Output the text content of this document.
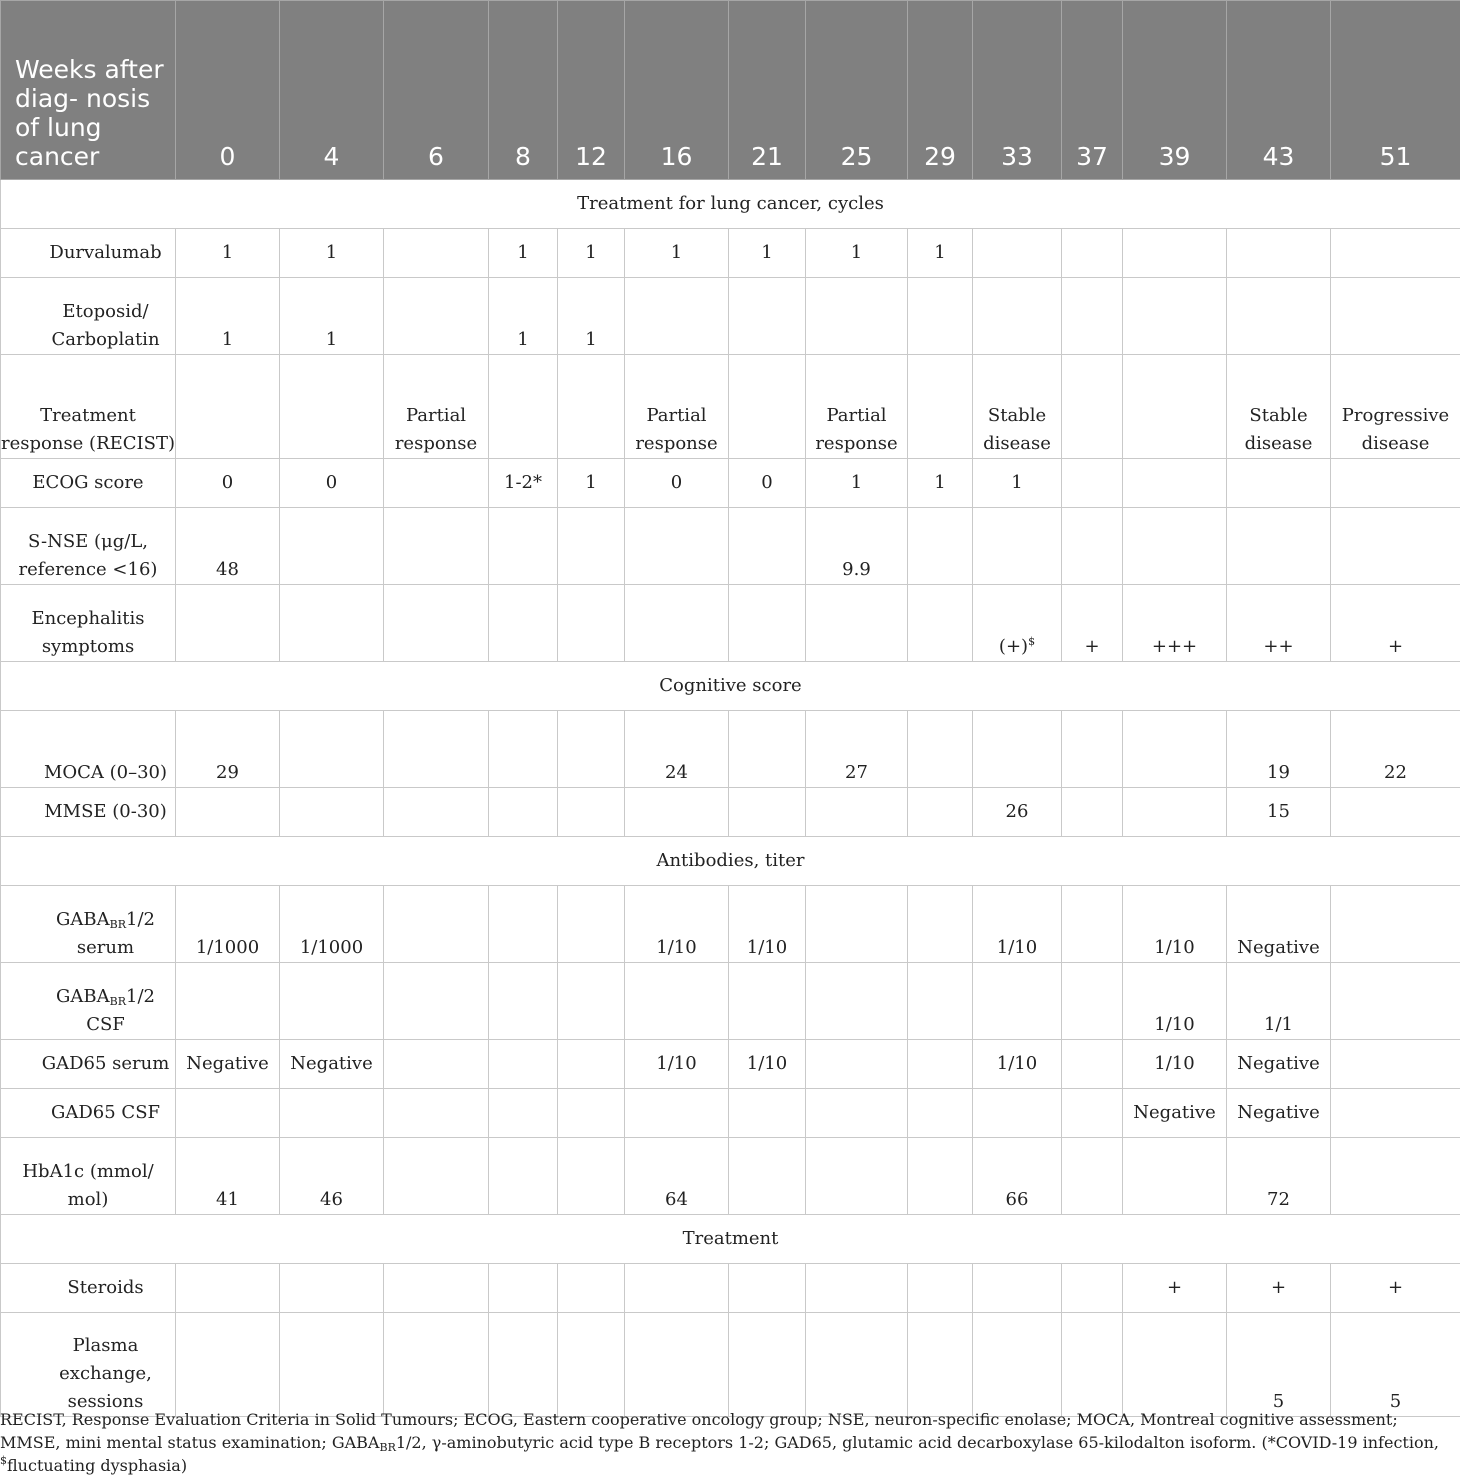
Weeks after diag- nosis of lung cancer	0	4	6	8	12	16	21	25	29	33	37	39	43	51
Treatment for lung cancer, cycles														
Durvalumab	1	1		1	1	1	1	1	1					
Etoposid/ Carboplatin	1	1		1	1									
Treatment response (RECIST)			Partial response			Partial response		Partial response		Stable disease			Stable disease	Progressive disease
ECOG score	0	0		1-2*	1	0	0	1	1	1				
S-NSE (μg/L, reference <16)	48							9.9						
Encephalitis symptoms										(+)$	+	+++	++	+
Cognitive score														
MOCA (0–30)	29					24		27					19	22
MMSE (0-30)										26			15	
Antibodies, titer														
$GABA_{BR}1/2$ serum	1/1000	1/1000				1/10	1/10			1/10		1/10	Negative	
$GABA_{BR}1/2$ CSF												1/10	1/1	
GAD65 serum	Negative	Negative				1/10	1/10			1/10		1/10	Negative	
GAD65 CSF												Negative	Negative	
HbA1c (mmol/ mol)	41	46				64				66			72	
Treatment														
Steroids												+	+	+
Plasma exchange, sessions													5	5
RECIST, Response Evaluation Criteria in Solid Tumours; ECOG, Eastern cooperative oncology group; NSE, neuron-specific enolase; MOCA, Montreal cognitive assessment; MMSE, mini mental status examination; $GABA_{BR}1/2$, γ-aminobutyric acid type B receptors 1-2; GAD65, glutamic acid decarboxylase 65-kilodalton isoform. (*COVID-19 infection, $fluctuating dysphasia)
